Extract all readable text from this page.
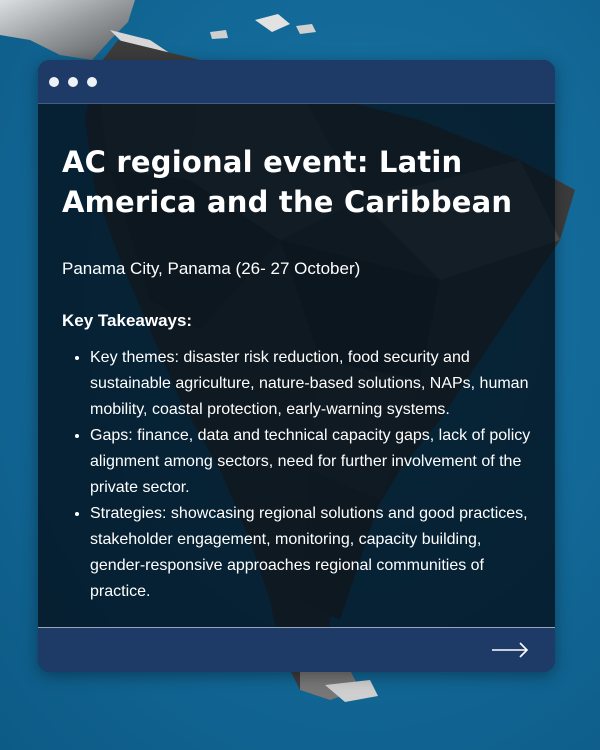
AC regional event: Latin America and the Caribbean
Panama City, Panama (26- 27 October)
Key Takeaways:
• Key themes: disaster risk reduction, food security and sustainable agriculture, nature-based solutions, NAPs, human mobility, coastal protection, early-warning systems.
• Gaps: finance, data and technical capacity gaps, lack of policy alignment among sectors, need for further involvement of the private sector.
• Strategies: showcasing regional solutions and good practices, stakeholder engagement, monitoring, capacity building, gender-responsive approaches regional communities of practice.
